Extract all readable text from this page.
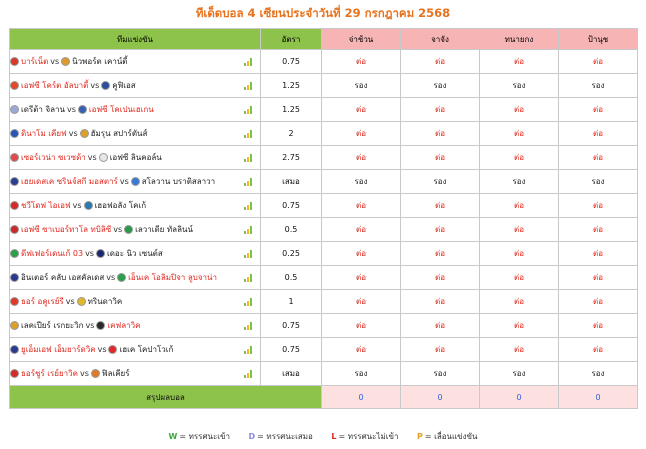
ทีเด็ดบอล 4 เซียนประจำวันที่ 29 กรกฎาคม 2568
ทีมแข่งขัน	อัตรา	จ่าช้วน	จาจัง	ทนายกง	ป้านุช
บาร์เน็ต vs นิวพอร์ต เคาน์ตี้	0.75	ต่อ	ต่อ	ต่อ	ต่อ
เอฟซี โคร์ต อัลบาตี้ vs คูฟิเอส	1.25	รอง	รอง	รอง	รอง
เดรีต้า จิลาน vs เอฟซี โคเปนเฮเกน	1.25	ต่อ	ต่อ	ต่อ	ต่อ
ดินาโม เคียฟ vs ฮัมรุน สปาร์ตันส์	2	ต่อ	ต่อ	ต่อ	ต่อ
เซอร์เวน่า ซเวซด้า vs เอฟซี ลินคอล์น	2.75	ต่อ	ต่อ	ต่อ	ต่อ
เฮยเดสเค ซรินจ์สกี มอสตาร์ vs สโลวาน บราติสลาวา	เสมอ	รอง	รอง	รอง	รอง
ชวีโดฟ ไอเอฟ vs เฮอฟอลัง โคเก้	0.75	ต่อ	ต่อ	ต่อ	ต่อ
เอฟซี ซาเบอร์ทาโล ทบิลิซี vs เลวาเดีย ทัลลินน์	0.5	ต่อ	ต่อ	ต่อ	ต่อ
ดีฟเฟอร์เดนเก้ 03 vs เดอะ นิว เซนต์ส	0.25	ต่อ	ต่อ	ต่อ	ต่อ
อินเตอร์ คลับ เอสคัลเดส vs เอ็นเค โอลิมปิจา ลูบจาน่า	0.5	ต่อ	ต่อ	ต่อ	ต่อ
ธอร์ อคูเรย์รี vs ทรินดาวิค	1	ต่อ	ต่อ	ต่อ	ต่อ
เลคเปียร์ เรกยะวิก vs เคฟลาวิค	0.75	ต่อ	ต่อ	ต่อ	ต่อ
ยูเอ็มเอฟ เอ็มยาร์ดวิค vs เฮเค โคปาโวเก้	0.75	ต่อ	ต่อ	ต่อ	ต่อ
ธอร์ชูร์ เรย์ยาวิค vs ฟิลเคียร์	เสมอ	รอง	รอง	รอง	รอง
สรุปผลบอล		0	0	0	0
W = ทรรศนะเข้า D = ทรรศนะเสมอ L = ทรรศนะไม่เข้า P = เลื่อนแข่งขัน
